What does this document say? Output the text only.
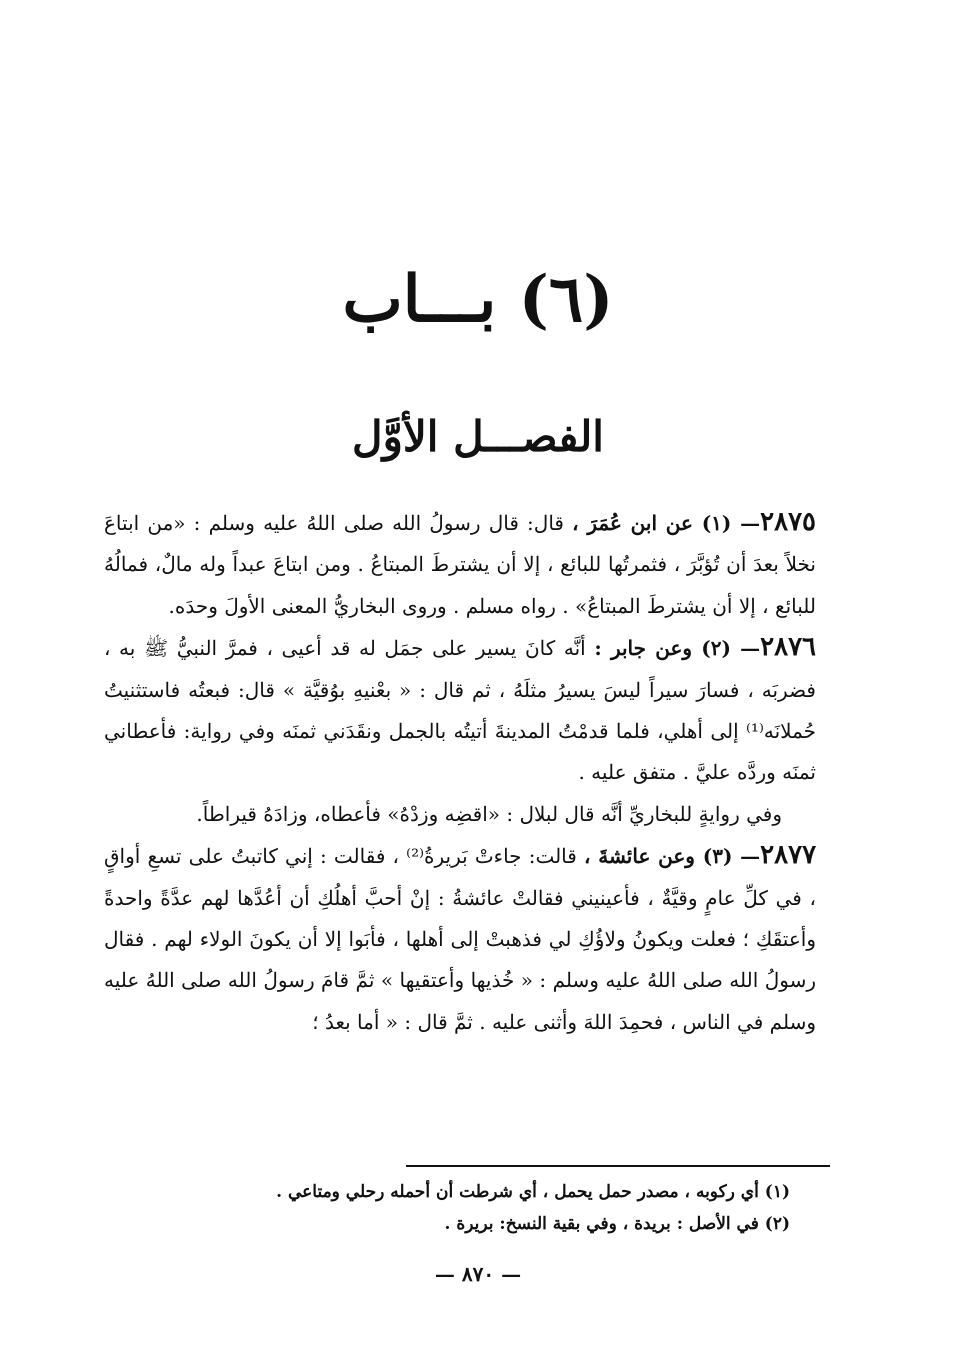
(٦) بـــاب
الفصـــل الأوَّل

٢٨٧٥— (١) عن ابن عُمَرَ ، قال: قال رسولُ الله صلى اللهُ عليه وسلم : «من ابتاعَ نخلاً بعدَ أن تُؤبَّرَ ، فثمرتُها للبائع ، إلا أن يشترطَ المبتاعُ . ومن ابتاعَ عبداً وله مالٌ، فمالُهُ للبائع ، إلا أن يشترطَ المبتاعُ» . رواه مسلم . وروى البخاريُّ المعنى الأولَ وحدَه.

٢٨٧٦— (٢) وعن جابر : أنَّه كانَ يسير على جمَل له قد أعيى ، فمرَّ النبيُّ ﷺ به ، فضربَه ، فسارَ سيراً ليسَ يسيرُ مثلَهُ ، ثم قال : « بعْنيهِ بوُقيَّة » قال: فبعتُه فاستثنيتُ حُملانَه⁽¹⁾ إلى أهلي، فلما قدمْتُ المدينةَ أتيتُه بالجمل ونقَدَني ثمنَه وفي رواية: فأعطاني ثمنَه وردَّه عليَّ . متفق عليه .

وفي روايةٍ للبخاريِّ أنَّه قال لبلال : «اقضِه وزدْهُ» فأعطاه، وزادَهُ قيراطاً.

٢٨٧٧— (٣) وعن عائشةَ ، قالت: جاءتْ بَريرةُ⁽²⁾ ، فقالت : إني كاتبتُ على تسعِ أواقٍ ، في كلِّ عامٍ وقيَّةٌ ، فأعينيني فقالتْ عائشةُ : إنْ أحبَّ أهلُكِ أن أعُدَّها لهم عدَّةً واحدةً وأعتقَكِ ؛ فعلت ويكونُ ولاؤُكِ لي فذهبتْ إلى أهلها ، فأبَوا إلا أن يكونَ الولاء لهم . فقال رسولُ الله صلى اللهُ عليه وسلم : « خُذيها وأعتقيها » ثمَّ قامَ رسولُ الله صلى اللهُ عليه وسلم في الناس ، فحمِدَ اللهَ وأثنى عليه . ثمَّ قال : « أما بعدُ ؛

(١) أي ركوبه ، مصدر حمل يحمل ، أي شرطت أن أحمله رحلي ومتاعي .

(٢) في الأصل : بريدة ، وفي بقية النسخ: بريرة .

— ٨٧٠ —
